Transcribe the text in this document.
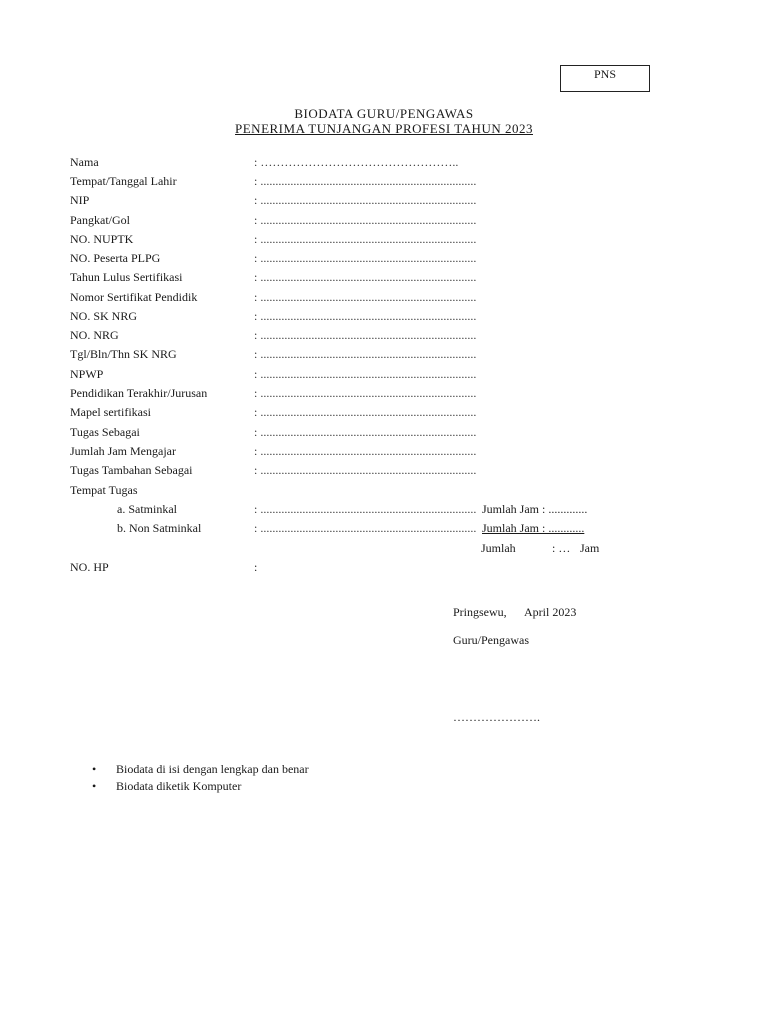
PNS
BIODATA GURU/PENGAWAS
PENERIMA TUNJANGAN PROFESI TAHUN 2023
Nama	: …………………………………………..
Tempat/Tanggal Lahir	: ........................................................................
NIP	: ........................................................................
Pangkat/Gol	: ........................................................................
NO. NUPTK	: ........................................................................
NO. Peserta PLPG	: ........................................................................
Tahun Lulus Sertifikasi	: ........................................................................
Nomor Sertifikat Pendidik	: ........................................................................
NO. SK NRG	: ........................................................................
NO. NRG	: ........................................................................
Tgl/Bln/Thn SK NRG	: ........................................................................
NPWP	: ........................................................................
Pendidikan Terakhir/Jurusan	: ........................................................................
Mapel sertifikasi	: ........................................................................
Tugas Sebagai	: ........................................................................
Jumlah Jam Mengajar	: ........................................................................
Tugas Tambahan Sebagai	: ........................................................................
Tempat Tugas
a. Satminkal	: ........................................................................ Jumlah Jam : .............
b. Non Satminkal	: ........................................................................ Jumlah Jam : ............
Jumlah	: … Jam
NO. HP	:
Pringsewu,      April 2023
Guru/Pengawas
………………….
• Biodata di isi dengan lengkap dan benar
• Biodata diketik Komputer
